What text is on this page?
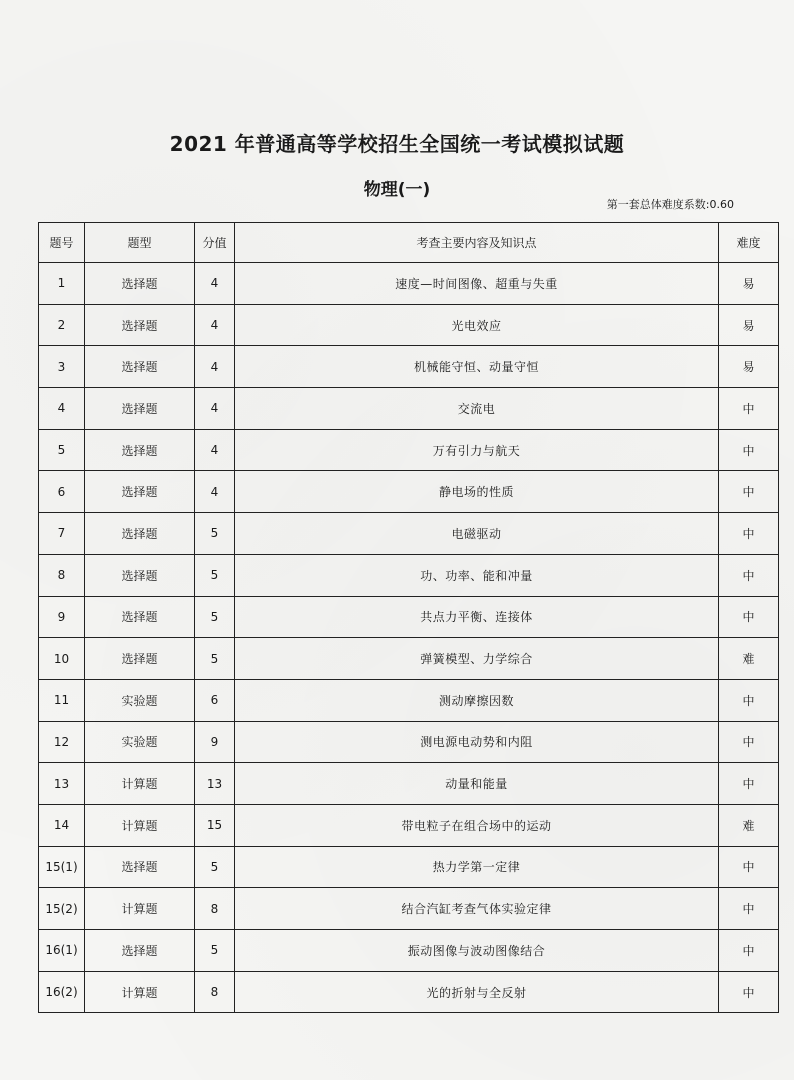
2021 年普通高等学校招生全国统一考试模拟试题
物理(一)
第一套总体难度系数:0.60
题号	题型	分值	考查主要内容及知识点	难度
1	选择题	4	速度—时间图像、超重与失重	易
2	选择题	4	光电效应	易
3	选择题	4	机械能守恒、动量守恒	易
4	选择题	4	交流电	中
5	选择题	4	万有引力与航天	中
6	选择题	4	静电场的性质	中
7	选择题	5	电磁驱动	中
8	选择题	5	功、功率、能和冲量	中
9	选择题	5	共点力平衡、连接体	中
10	选择题	5	弹簧模型、力学综合	难
11	实验题	6	测动摩擦因数	中
12	实验题	9	测电源电动势和内阻	中
13	计算题	13	动量和能量	中
14	计算题	15	带电粒子在组合场中的运动	难
15(1)	选择题	5	热力学第一定律	中
15(2)	计算题	8	结合汽缸考查气体实验定律	中
16(1)	选择题	5	振动图像与波动图像结合	中
16(2)	计算题	8	光的折射与全反射	中
